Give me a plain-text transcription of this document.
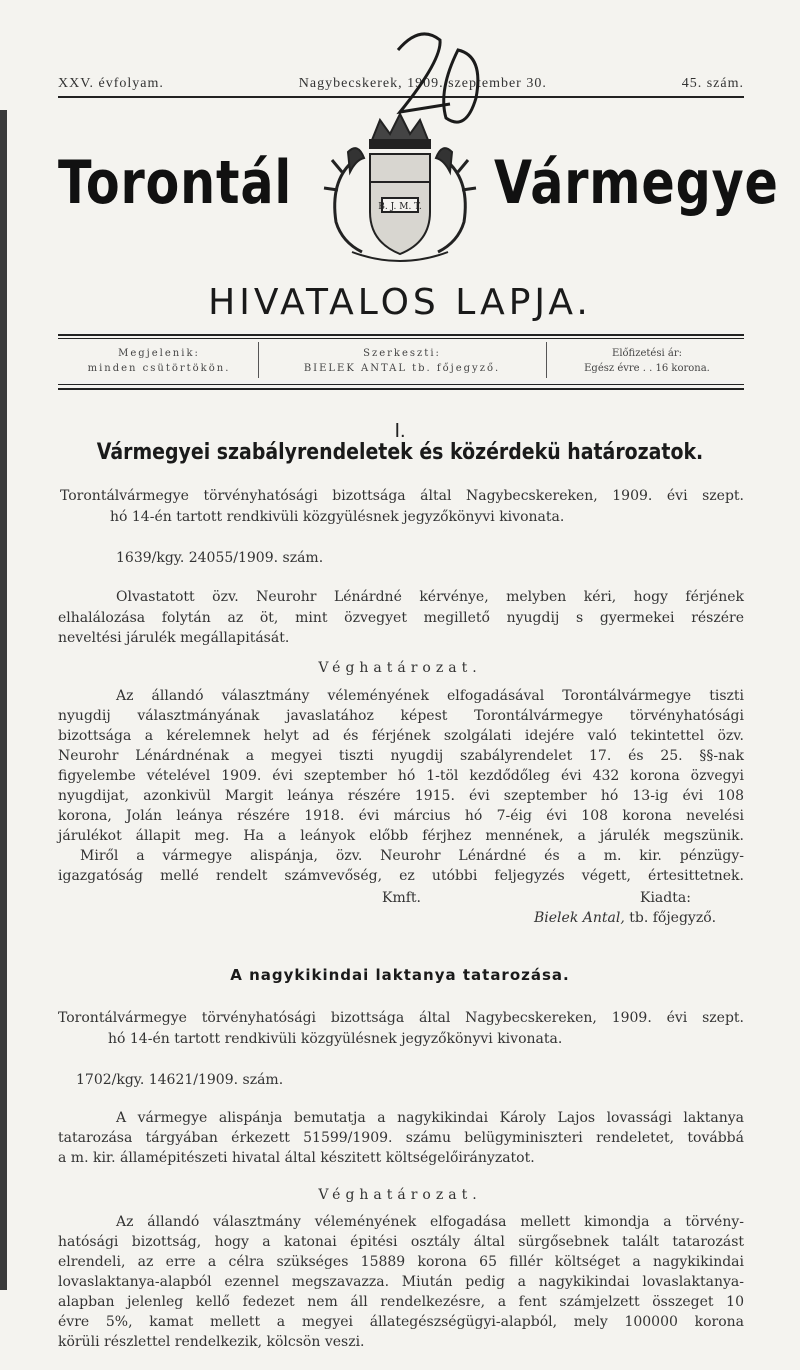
XXV. évfolyam.	Nagybecskerek, 1909. szeptember 30.	45. szám.
Torontál	Vármegye
B. J. M. T.
HIVATALOS LAPJA.
Megjelenik:
minden csütörtökön.
Szerkeszti:
BIELEK ANTAL tb. főjegyző.
Előfizetési ár:
Egész évre . . 16 korona.
I.
Vármegyei szabályrendeletek és közérdekü határozatok.
Torontálvármegye törvényhatósági bizottsága által Nagybecskereken, 1909. évi szept.
hó 14-én tartott rendkivüli közgyülésnek jegyzőkönyvi kivonata.
1639/kgy. 24055/1909. szám.
Olvastatott özv. Neurohr Lénárdné kérvénye, melyben kéri, hogy férjének
elhalálozása folytán az öt, mint özvegyet megillető nyugdij s gyermekei részére
neveltési járulék megállapitását.
Véghatározat.
Az állandó választmány véleményének elfogadásával Torontálvármegye tiszti
nyugdij választmányának javaslatához képest Torontálvármegye törvényhatósági
bizottsága a kérelemnek helyt ad és férjének szolgálati idejére való tekintettel özv.
Neurohr Lénárdnénak a megyei tiszti nyugdij szabályrendelet 17. és 25. §§-nak
figyelembe vételével 1909. évi szeptember hó 1-töl kezdődőleg évi 432 korona özvegyi
nyugdijat, azonkivül Margit leánya részére 1915. évi szeptember hó 13-ig évi 108
korona, Jolán leánya részére 1918. évi március hó 7-éig évi 108 korona nevelési
járulékot állapit meg. Ha a leányok előbb férjhez mennének, a járulék megszünik.
Miről a vármegye alispánja, özv. Neurohr Lénárdné és a m. kir. pénzügy-
igazgatóság mellé rendelt számvevőség, ez utóbbi feljegyzés végett, értesittetnek.
Kmft.	Kiadta:
Bielek Antal, tb. főjegyző.
A nagykikindai laktanya tatarozása.
Torontálvármegye törvényhatósági bizottsága által Nagybecskereken, 1909. évi szept.
hó 14-én tartott rendkivüli közgyülésnek jegyzőkönyvi kivonata.
1702/kgy. 14621/1909. szám.
A vármegye alispánja bemutatja a nagykikindai Károly Lajos lovassági laktanya
tatarozása tárgyában érkezett 51599/1909. számu belügyminiszteri rendeletet, továbbá
a m. kir. államépitészeti hivatal által készitett költségelőirányzatot.
Véghatározat.
Az állandó választmány véleményének elfogadása mellett kimondja a törvény-
hatósági bizottság, hogy a katonai épitési osztály által sürgősebnek talált tatarozást
elrendeli, az erre a célra szükséges 15889 korona 65 fillér költséget a nagykikindai
lovaslaktanya-alapból ezennel megszavazza. Miután pedig a nagykikindai lovaslaktanya-
alapban jelenleg kellő fedezet nem áll rendelkezésre, a fent számjelzett összeget 10
évre 5%, kamat mellett a megyei állategészségügyi-alapból, mely 100000 korona
körüli részlettel rendelkezik, kölcsön veszi.
